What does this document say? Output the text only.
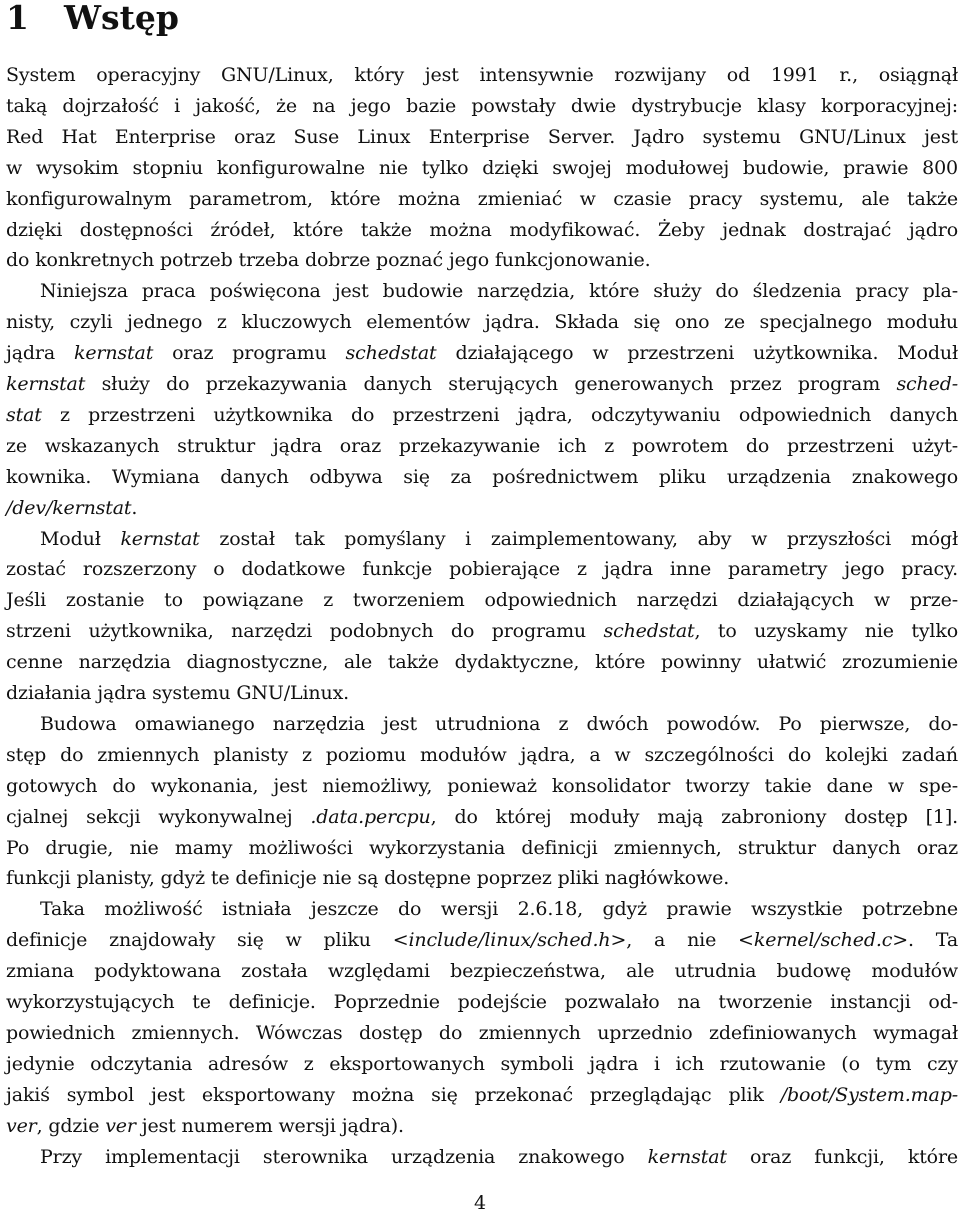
1 Wstęp
System operacyjny GNU/Linux, który jest intensywnie rozwijany od 1991 r., osiągnął
taką dojrzałość i jakość, że na jego bazie powstały dwie dystrybucje klasy korporacyjnej:
Red Hat Enterprise oraz Suse Linux Enterprise Server. Jądro systemu GNU/Linux jest
w wysokim stopniu konfigurowalne nie tylko dzięki swojej modułowej budowie, prawie 800
konfigurowalnym parametrom, które można zmieniać w czasie pracy systemu, ale także
dzięki dostępności źródeł, które także można modyfikować. Żeby jednak dostrajać jądro
do konkretnych potrzeb trzeba dobrze poznać jego funkcjonowanie.
Niniejsza praca poświęcona jest budowie narzędzia, które służy do śledzenia pracy pla-
nisty, czyli jednego z kluczowych elementów jądra. Składa się ono ze specjalnego modułu
jądra kernstat oraz programu schedstat działającego w przestrzeni użytkownika. Moduł
kernstat służy do przekazywania danych sterujących generowanych przez program sched-
stat z przestrzeni użytkownika do przestrzeni jądra, odczytywaniu odpowiednich danych
ze wskazanych struktur jądra oraz przekazywanie ich z powrotem do przestrzeni użyt-
kownika. Wymiana danych odbywa się za pośrednictwem pliku urządzenia znakowego
/dev/kernstat.
Moduł kernstat został tak pomyślany i zaimplementowany, aby w przyszłości mógł
zostać rozszerzony o dodatkowe funkcje pobierające z jądra inne parametry jego pracy.
Jeśli zostanie to powiązane z tworzeniem odpowiednich narzędzi działających w prze-
strzeni użytkownika, narzędzi podobnych do programu schedstat, to uzyskamy nie tylko
cenne narzędzia diagnostyczne, ale także dydaktyczne, które powinny ułatwić zrozumienie
działania jądra systemu GNU/Linux.
Budowa omawianego narzędzia jest utrudniona z dwóch powodów. Po pierwsze, do-
stęp do zmiennych planisty z poziomu modułów jądra, a w szczególności do kolejki zadań
gotowych do wykonania, jest niemożliwy, ponieważ konsolidator tworzy takie dane w spe-
cjalnej sekcji wykonywalnej .data.percpu, do której moduły mają zabroniony dostęp [1].
Po drugie, nie mamy możliwości wykorzystania definicji zmiennych, struktur danych oraz
funkcji planisty, gdyż te definicje nie są dostępne poprzez pliki nagłówkowe.
Taka możliwość istniała jeszcze do wersji 2.6.18, gdyż prawie wszystkie potrzebne
definicje znajdowały się w pliku <include/linux/sched.h>, a nie <kernel/sched.c>. Ta
zmiana podyktowana została względami bezpieczeństwa, ale utrudnia budowę modułów
wykorzystujących te definicje. Poprzednie podejście pozwalało na tworzenie instancji od-
powiednich zmiennych. Wówczas dostęp do zmiennych uprzednio zdefiniowanych wymagał
jedynie odczytania adresów z eksportowanych symboli jądra i ich rzutowanie (o tym czy
jakiś symbol jest eksportowany można się przekonać przeglądając plik /boot/System.map-
ver, gdzie ver jest numerem wersji jądra).
Przy implementacji sterownika urządzenia znakowego kernstat oraz funkcji, które
4
